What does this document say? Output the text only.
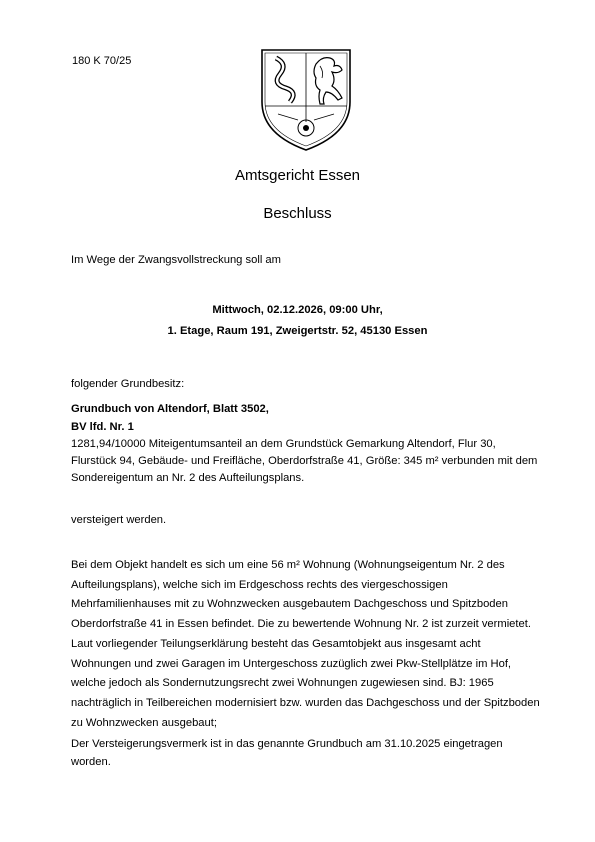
180 K 70/25
Amtsgericht Essen
Beschluss
Im Wege der Zwangsvollstreckung soll am
Mittwoch, 02.12.2026, 09:00 Uhr,
1. Etage, Raum 191, Zweigertstr. 52, 45130 Essen
folgender Grundbesitz:
Grundbuch von Altendorf, Blatt 3502,
BV lfd. Nr. 1
1281,94/10000 Miteigentumsanteil an dem Grundstück Gemarkung Altendorf, Flur 30, Flurstück 94, Gebäude- und Freifläche, Oberdorfstraße 41, Größe: 345 m² verbunden mit dem Sondereigentum an Nr. 2 des Aufteilungsplans.
versteigert werden.
Bei dem Objekt handelt es sich um eine 56 m² Wohnung (Wohnungseigentum Nr. 2 des Aufteilungsplans), welche sich im Erdgeschoss rechts des viergeschossigen Mehrfamilienhauses mit zu Wohnzwecken ausgebautem Dachgeschoss und Spitzboden Oberdorfstraße 41 in Essen befindet. Die zu bewertende Wohnung Nr. 2 ist zurzeit vermietet. Laut vorliegender Teilungserklärung besteht das Gesamtobjekt aus insgesamt acht Wohnungen und zwei Garagen im Untergeschoss zuzüglich zwei Pkw-Stellplätze im Hof, welche jedoch als Sondernutzungsrecht zwei Wohnungen zugewiesen sind. BJ: 1965 nachträglich in Teilbereichen modernisiert bzw. wurden das Dachgeschoss und der Spitzboden zu Wohnzwecken ausgebaut;
Der Versteigerungsvermerk ist in das genannte Grundbuch am 31.10.2025 eingetragen worden.
